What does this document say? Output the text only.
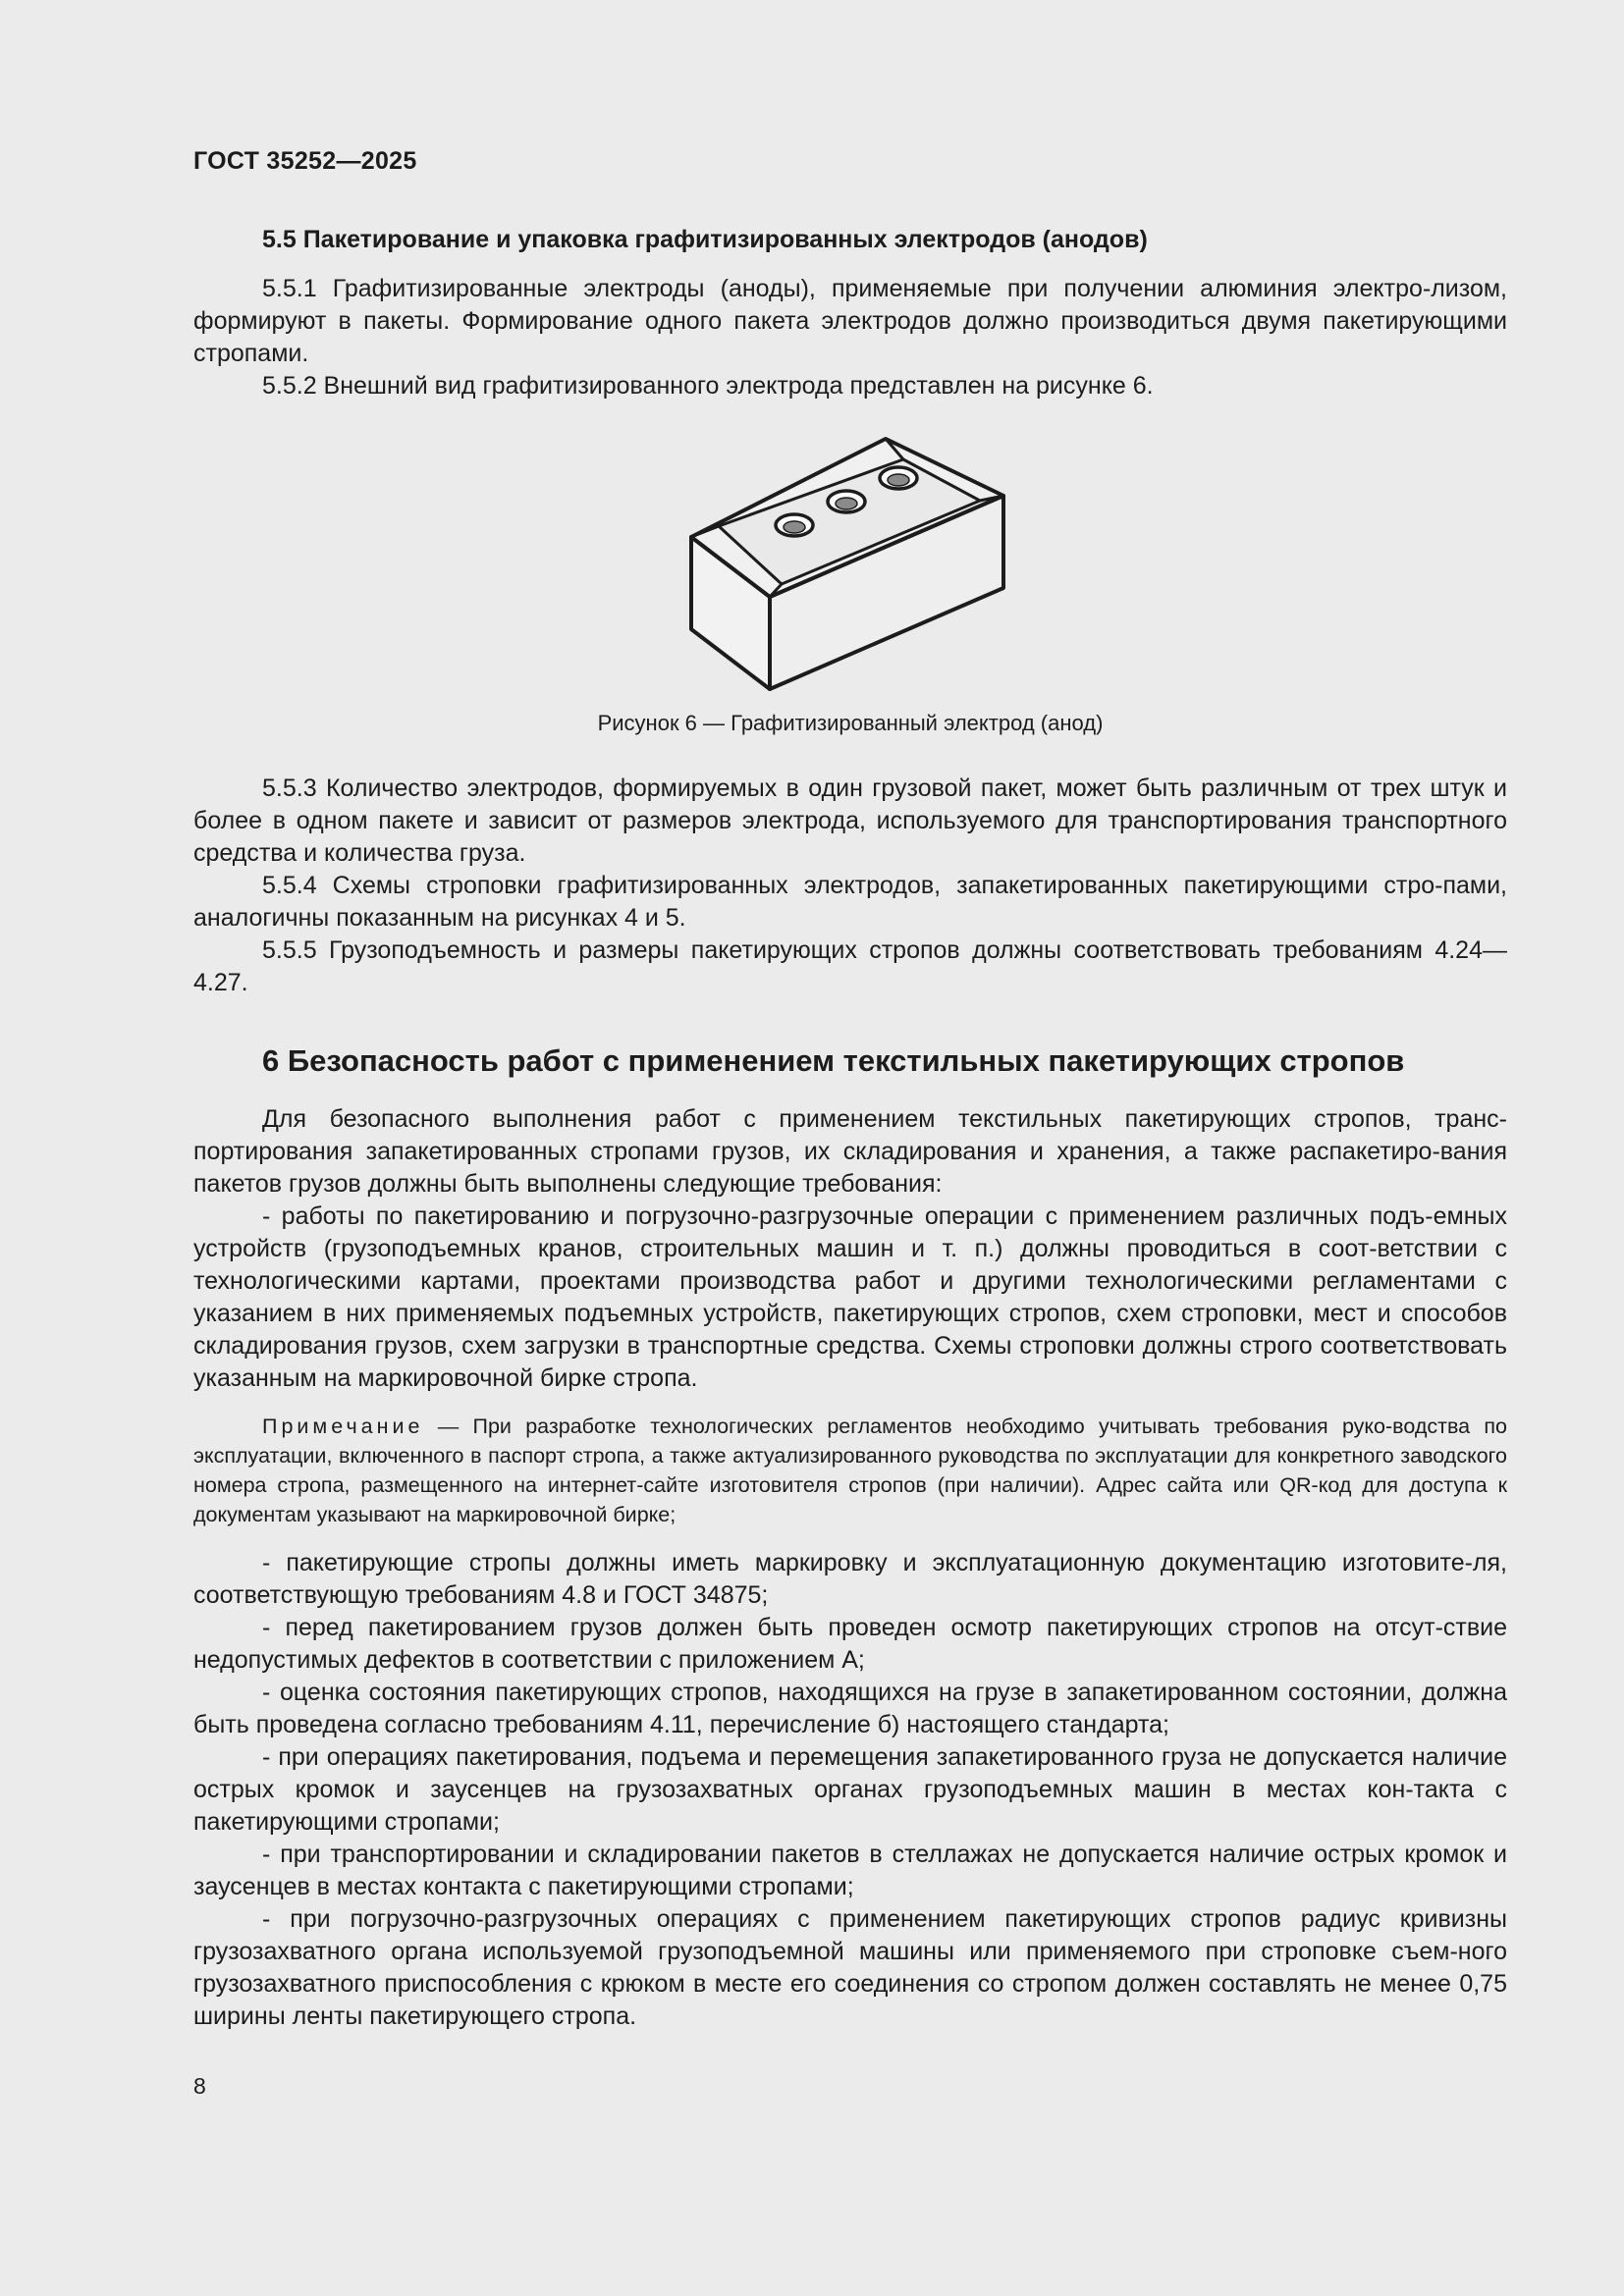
ГОСТ 35252—2025
5.5 Пакетирование и упаковка графитизированных электродов (анодов)

5.5.1 Графитизированные электроды (аноды), применяемые при получении алюминия электро-лизом, формируют в пакеты. Формирование одного пакета электродов должно производиться двумя пакетирующими стропами.

5.5.2 Внешний вид графитизированного электрода представлен на рисунке 6.

Рисунок 6 — Графитизированный электрод (анод)

5.5.3 Количество электродов, формируемых в один грузовой пакет, может быть различным от трех штук и более в одном пакете и зависит от размеров электрода, используемого для транспортирования транспортного средства и количества груза.

5.5.4 Схемы строповки графитизированных электродов, запакетированных пакетирующими стро-пами, аналогичны показанным на рисунках 4 и 5.

5.5.5 Грузоподъемность и размеры пакетирующих стропов должны соответствовать требованиям 4.24—4.27.

6 Безопасность работ с применением текстильных пакетирующих стропов

Для безопасного выполнения работ с применением текстильных пакетирующих стропов, транс-портирования запакетированных стропами грузов, их складирования и хранения, а также распакетиро-вания пакетов грузов должны быть выполнены следующие требования:

- работы по пакетированию и погрузочно-разгрузочные операции с применением различных подъ-емных устройств (грузоподъемных кранов, строительных машин и т. п.) должны проводиться в соот-ветствии с технологическими картами, проектами производства работ и другими технологическими регламентами с указанием в них применяемых подъемных устройств, пакетирующих стропов, схем строповки, мест и способов складирования грузов, схем загрузки в транспортные средства. Схемы строповки должны строго соответствовать указанным на маркировочной бирке стропа.

Примечание — При разработке технологических регламентов необходимо учитывать требования руко-водства по эксплуатации, включенного в паспорт стропа, а также актуализированного руководства по эксплуатации для конкретного заводского номера стропа, размещенного на интернет-сайте изготовителя стропов (при наличии). Адрес сайта или QR-код для доступа к документам указывают на маркировочной бирке;

- пакетирующие стропы должны иметь маркировку и эксплуатационную документацию изготовите-ля, соответствующую требованиям 4.8 и ГОСТ 34875;

- перед пакетированием грузов должен быть проведен осмотр пакетирующих стропов на отсут-ствие недопустимых дефектов в соответствии с приложением А;

- оценка состояния пакетирующих стропов, находящихся на грузе в запакетированном состоянии, должна быть проведена согласно требованиям 4.11, перечисление б) настоящего стандарта;

- при операциях пакетирования, подъема и перемещения запакетированного груза не допускается наличие острых кромок и заусенцев на грузозахватных органах грузоподъемных машин в местах кон-такта с пакетирующими стропами;

- при транспортировании и складировании пакетов в стеллажах не допускается наличие острых кромок и заусенцев в местах контакта с пакетирующими стропами;

- при погрузочно-разгрузочных операциях с применением пакетирующих стропов радиус кривизны грузозахватного органа используемой грузоподъемной машины или применяемого при строповке съем-ного грузозахватного приспособления с крюком в месте его соединения со стропом должен составлять не менее 0,75 ширины ленты пакетирующего стропа.

8
